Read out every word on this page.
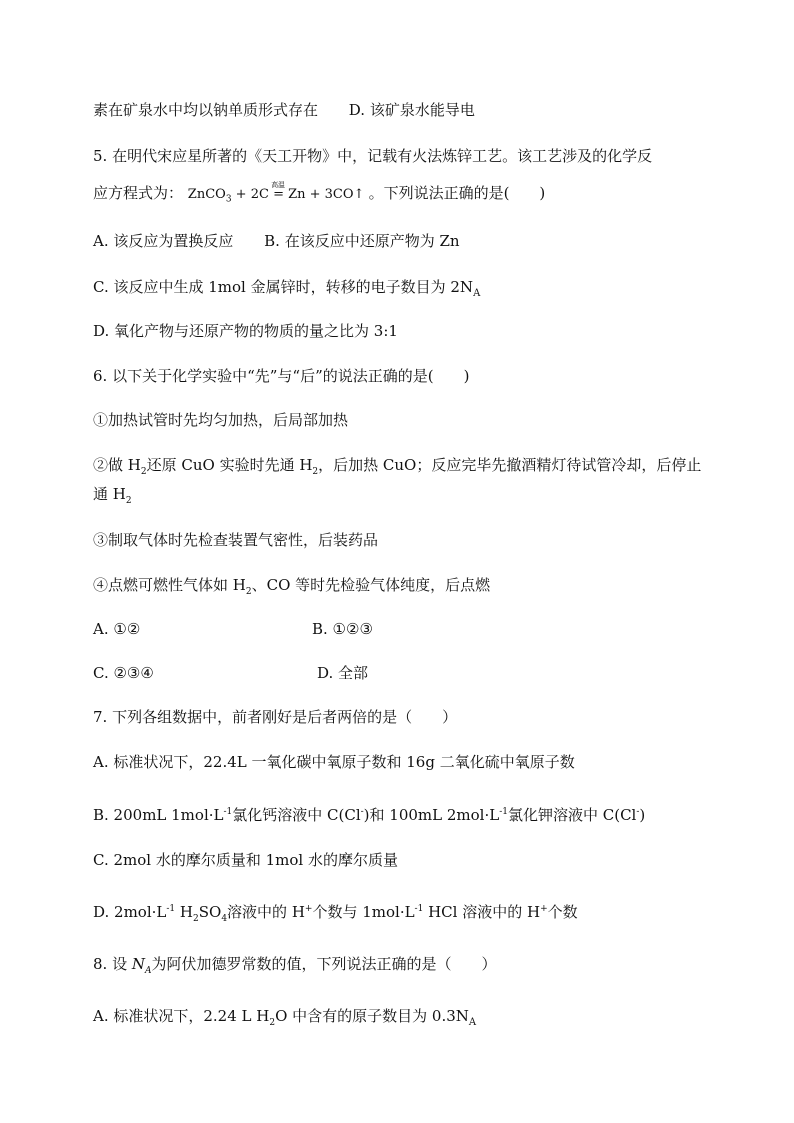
素在矿泉水中均以钠单质形式存在 D. 该矿泉水能导电
5. 在明代宋应星所著的《天工开物》中，记载有火法炼锌工艺。该工艺涉及的化学反
应方程式为： ZnCO$_3$ + 2C
高温
= Zn + 3CO↑ 。下列说法正确的是(　　)
A. 该反应为置换反应 B. 在该反应中还原产物为 Zn
C. 该反应中生成 1mol 金属锌时，转移的电子数目为 $2N_A$
D. 氧化产物与还原产物的物质的量之比为 3:1
6. 以下关于化学实验中“先”与“后”的说法正确的是(　　)
①加热试管时先均匀加热，后局部加热
②做 $H_2$还原 CuO 实验时先通 $H_2$，后加热 CuO；反应完毕先撤酒精灯待试管冷却，后停止
通 $H_2$
③制取气体时先检查装置气密性，后装药品
④点燃可燃性气体如 $H_2$、CO 等时先检验气体纯度，后点燃
A. ①②	B. ①②③
C. ②③④	D. 全部
7. 下列各组数据中，前者刚好是后者两倍的是（　　）
A. 标准状况下，22.4L 一氧化碳中氧原子数和 16g 二氧化硫中氧原子数
B. 200mL $1mol\cdot L^{-1}$氯化钙溶液中 C(Cl-)和 100mL $2mol\cdot L^{-1}$氯化钾溶液中 C(Cl-)
C. 2mol 水的摩尔质量和 1mol 水的摩尔质量
D. $2mol\cdot L^{-1}$ $H_2SO_4$溶液中的 H+个数与 $1mol\cdot L^{-1}$ HCl 溶液中的 H+个数
8. 设 $N_A$为阿伏加德罗常数的值，下列说法正确的是（　　）
A. 标准状况下，2.24 L $H_2O$ 中含有的原子数目为 $0.3N_A$
